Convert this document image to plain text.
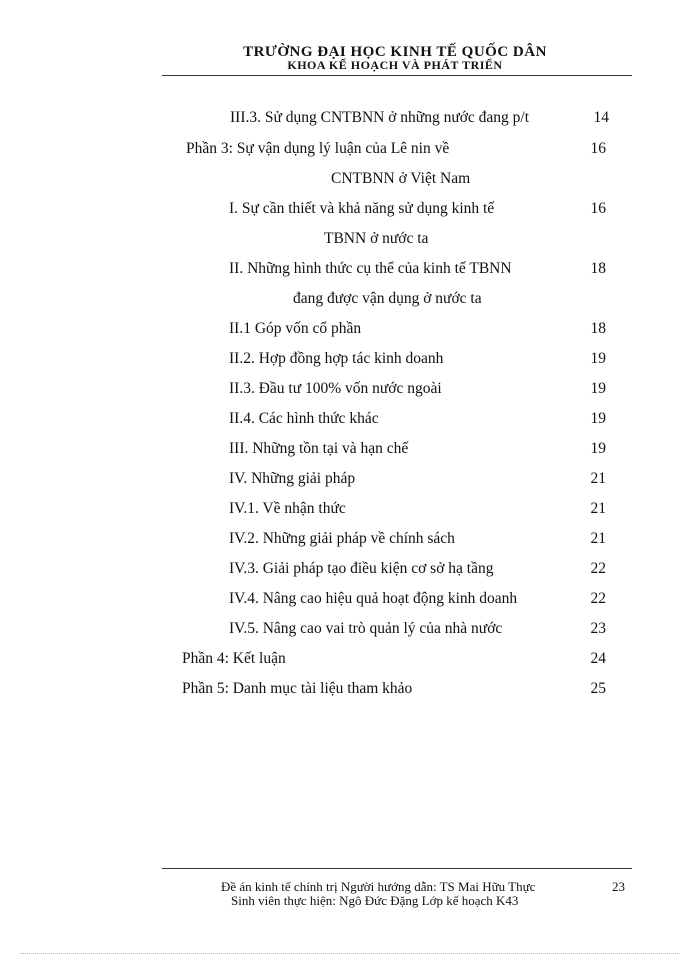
TRƯỜNG ĐẠI HỌC KINH TẾ QUỐC DÂN
KHOA KẾ HOẠCH VÀ PHÁT TRIỂN
III.3. Sử dụng CNTBNN ở những nước đang p/t	14
Phần 3: Sự vận dụng lý luận của Lê nin về	16
CNTBNN ở Việt Nam
I. Sự cần thiết và khả năng sử dụng kinh tế	16
TBNN ở nước ta
II. Những hình thức cụ thể của kinh tế TBNN	18
đang được vận dụng ở nước ta
II.1 Góp vốn cổ phần	18
II.2. Hợp đồng hợp tác kinh doanh	19
II.3. Đầu tư 100% vốn nước ngoài	19
II.4. Các hình thức khác	19
III. Những tồn tại và hạn chế	19
IV. Những giải pháp	21
IV.1. Về nhận thức	21
IV.2. Những giải pháp về chính sách	21
IV.3. Giải pháp tạo điều kiện cơ sở hạ tầng	22
IV.4. Nâng cao hiệu quả hoạt động kinh doanh	22
IV.5. Nâng cao vai trò quản lý của nhà nước	23
Phần 4: Kết luận	24
Phần 5: Danh mục tài liệu tham khảo	25
Đề án kinh tế chính trị Người hướng dẫn: TS Mai Hữu Thực
Sinh viên thực hiện: Ngô Đức Đặng Lớp kế hoạch K43
23
